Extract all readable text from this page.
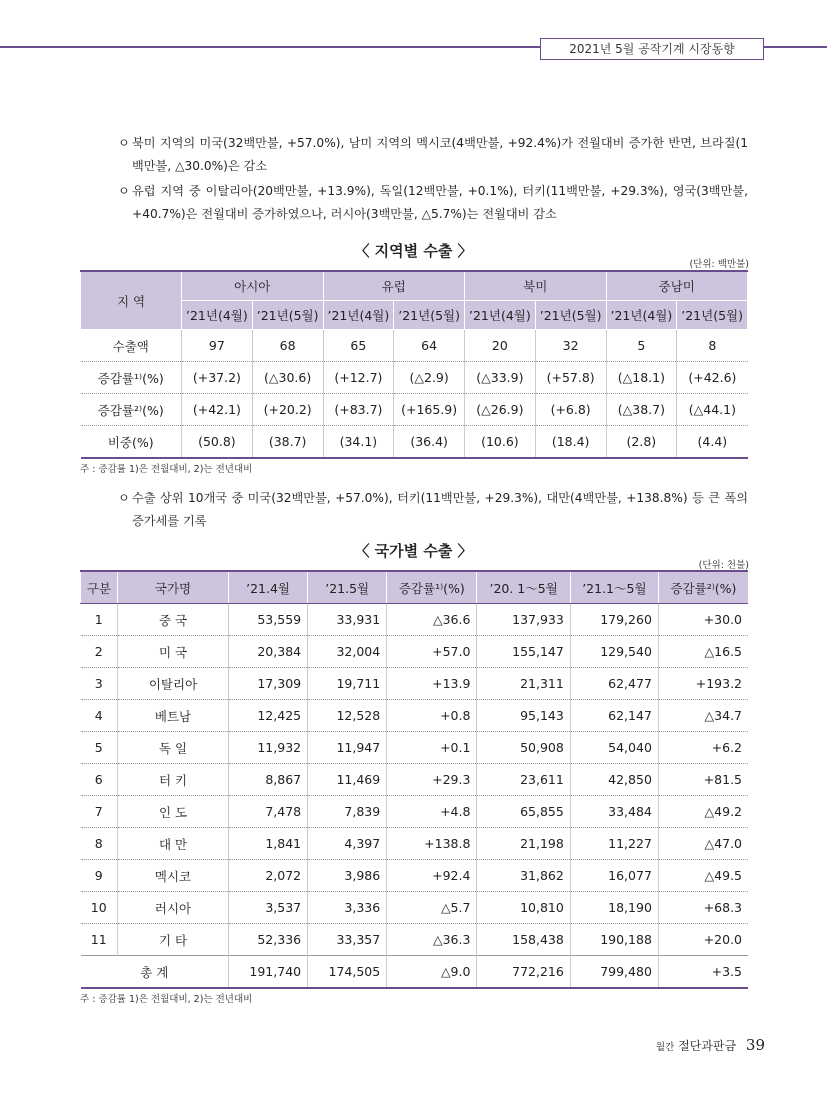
2021년 5월 공작기계 시장동향
ㅇ 북미 지역의 미국(32백만불, +57.0%), 남미 지역의 멕시코(4백만불, +92.4%)가 전월대비 증가한 반면, 브라질(1백만불, △30.0%)은 감소
ㅇ 유럽 지역 중 이탈리아(20백만불, +13.9%), 독일(12백만불, +0.1%), 터키(11백만불, +29.3%), 영국(3백만불, +40.7%)은 전월대비 증가하였으나, 러시아(3백만불, △5.7%)는 전월대비 감소
〈 지역별 수출 〉
(단위: 백만불)
지 역	아시아		유럽		북미		중남미	
	’21년(4월)	’21년(5월)	’21년(4월)	’21년(5월)	’21년(4월)	’21년(5월)	’21년(4월)	’21년(5월)
수출액	97	68	65	64	20	32	5	8
증감률¹⁾(%)	(+37.2)	(△30.6)	(+12.7)	(△2.9)	(△33.9)	(+57.8)	(△18.1)	(+42.6)
증감률²⁾(%)	(+42.1)	(+20.2)	(+83.7)	(+165.9)	(△26.9)	(+6.8)	(△38.7)	(△44.1)
비중(%)	(50.8)	(38.7)	(34.1)	(36.4)	(10.6)	(18.4)	(2.8)	(4.4)
주 : 증감률 1)은 전월대비, 2)는 전년대비
ㅇ 수출 상위 10개국 중 미국(32백만불, +57.0%), 터키(11백만불, +29.3%), 대만(4백만불, +138.8%) 등 큰 폭의 증가세를 기록
〈 국가별 수출 〉
(단위: 천불)
구분	국가명	’21.4월	’21.5월	증감률¹⁾(%)	’20. 1～5월	’21.1～5월	증감률²⁾(%)
1	중 국	53,559	33,931	△36.6	137,933	179,260	+30.0
2	미 국	20,384	32,004	+57.0	155,147	129,540	△16.5
3	이탈리아	17,309	19,711	+13.9	21,311	62,477	+193.2
4	베트남	12,425	12,528	+0.8	95,143	62,147	△34.7
5	독 일	11,932	11,947	+0.1	50,908	54,040	+6.2
6	터 키	8,867	11,469	+29.3	23,611	42,850	+81.5
7	인 도	7,478	7,839	+4.8	65,855	33,484	△49.2
8	대 만	1,841	4,397	+138.8	21,198	11,227	△47.0
9	멕시코	2,072	3,986	+92.4	31,862	16,077	△49.5
10	러시아	3,537	3,336	△5.7	10,810	18,190	+68.3
11	기 타	52,336	33,357	△36.3	158,438	190,188	+20.0
총 계		191,740	174,505	△9.0	772,216	799,480	+3.5
주 : 증감률 1)은 전월대비, 2)는 전년대비
월간 절단과판금 39
